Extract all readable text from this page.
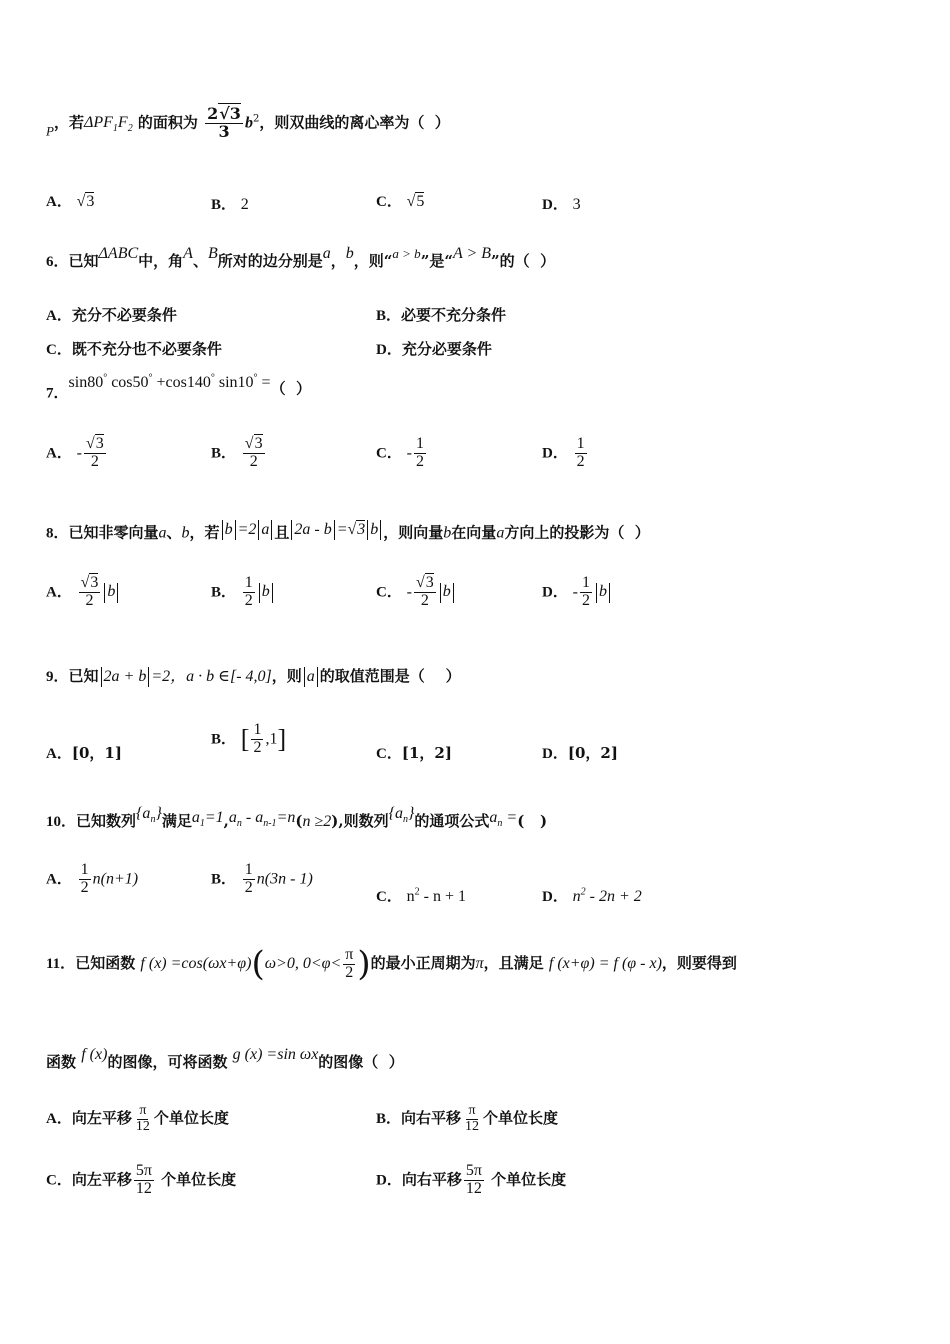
P，若$\Delta PF_1F_2$ 的面积为 $\frac{2√3}{3} b^2$，则双曲线的离心率为（  ）
A． √3	B． 2	C． √5	D． 3
6．已知ΔABC中，角A、B所对的边分别是a，b，则“a > b”是“A > B”的（  ）
A．充分不必要条件	B．必要不充分条件
C．既不充分也不必要条件	D．充分必要条件
7．sin80° cos50° +cos140° sin10° =（  ）
A． - $\frac{√3}{2}$	B． $\frac{√3}{2}$	C． - $\frac{1}{2}$	D． $\frac{1}{2}$
8．已知非零向量a、b，若 b =2 a 且 2a - b =√3 b ，则向量b在向量a方向上的投影为（  ）
A． $\frac{√3}{2}$ b	B． $\frac{1}{2}$ b	C． - $\frac{√3}{2}$ b	D． - $\frac{1}{2}$ b
9．已知 2a + b =2，a · b ∈[- 4,0]，则 a 的取值范围是（    ）
A．[0，1]
B． [ $\frac{1}{2} ,1$]
C．[1，2]	D．[0，2]
10．已知数列$\{a_n\}$满足$a_1=1,a_n - a_{n-1}=n(n \ge 2)$,则数列$\{a_n\}$的通项公式$a_n$ =(   )
A． $\frac{1}{2} n(n+1)$	B． $\frac{1}{2} n(3n - 1)$
C． $n^2 - n + 1$	D． $n^2 - 2n + 2$
11．已知函数 f (x) =cos(ωx+φ)(ω>0, $0<\varphi< \frac{\pi}{2}$ )的最小正周期为π，且满足 f (x+φ) = f (φ - x)，则要得到
函数 f (x)的图像，可将函数 g (x) =sin ωx的图像（  ）
A．向左平移 $\frac{\pi}{12}$ 个单位长度	B．向右平移 $\frac{\pi}{12}$ 个单位长度
C．向左平移 $\frac{5\pi}{12}$ 个单位长度	D．向右平移 $\frac{5\pi}{12}$ 个单位长度
